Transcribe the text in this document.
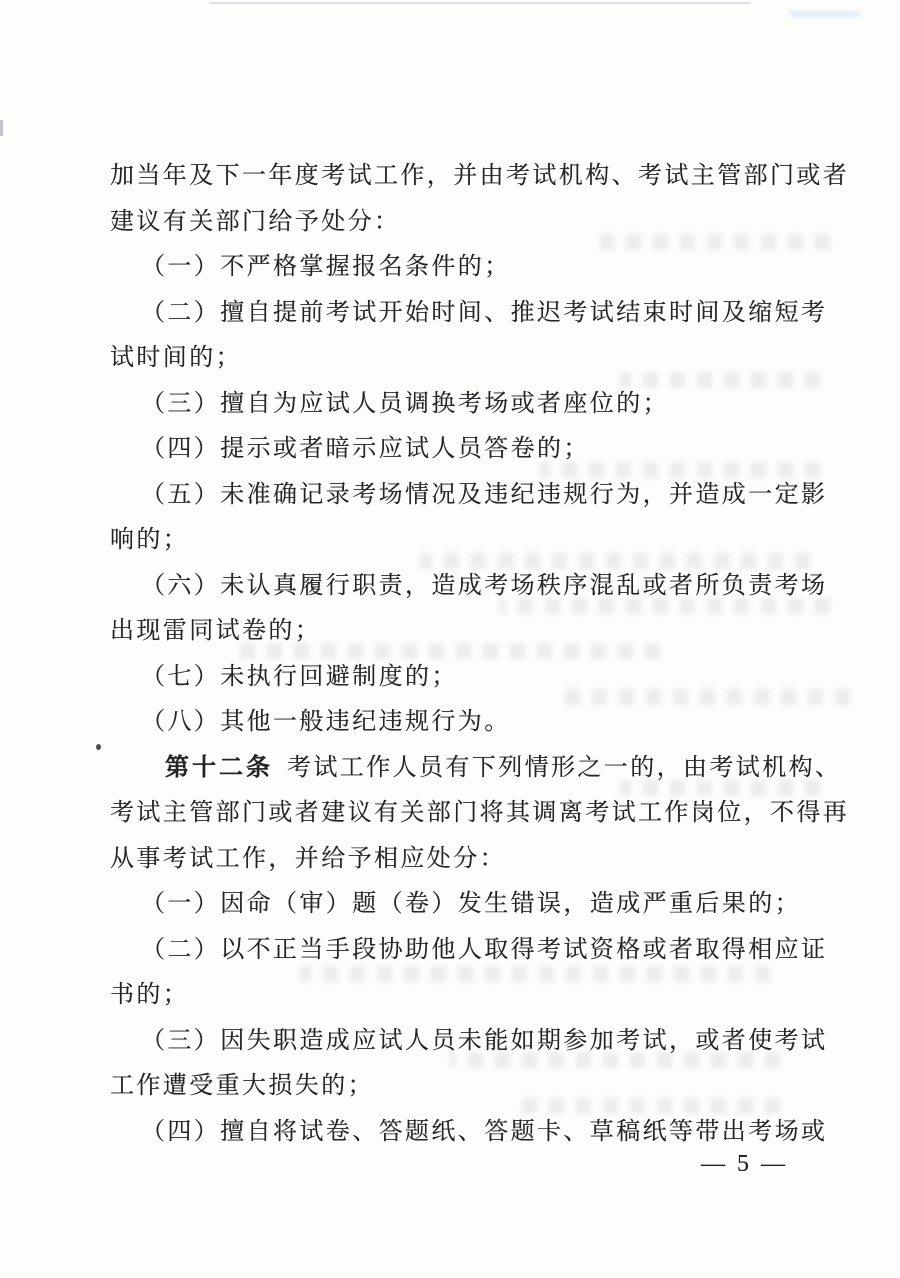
加当年及下一年度考试工作，并由考试机构、考试主管部门或者
建议有关部门给予处分：
（一）不严格掌握报名条件的；
（二）擅自提前考试开始时间、推迟考试结束时间及缩短考
试时间的；
（三）擅自为应试人员调换考场或者座位的；
（四）提示或者暗示应试人员答卷的；
（五）未准确记录考场情况及违纪违规行为，并造成一定影
响的；
（六）未认真履行职责，造成考场秩序混乱或者所负责考场
出现雷同试卷的；
（七）未执行回避制度的；
（八）其他一般违纪违规行为。
第十二条 考试工作人员有下列情形之一的，由考试机构、
考试主管部门或者建议有关部门将其调离考试工作岗位，不得再
从事考试工作，并给予相应处分：
（一）因命（审）题（卷）发生错误，造成严重后果的；
（二）以不正当手段协助他人取得考试资格或者取得相应证
书的；
（三）因失职造成应试人员未能如期参加考试，或者使考试
工作遭受重大损失的；
（四）擅自将试卷、答题纸、答题卡、草稿纸等带出考场或
— 5 —
